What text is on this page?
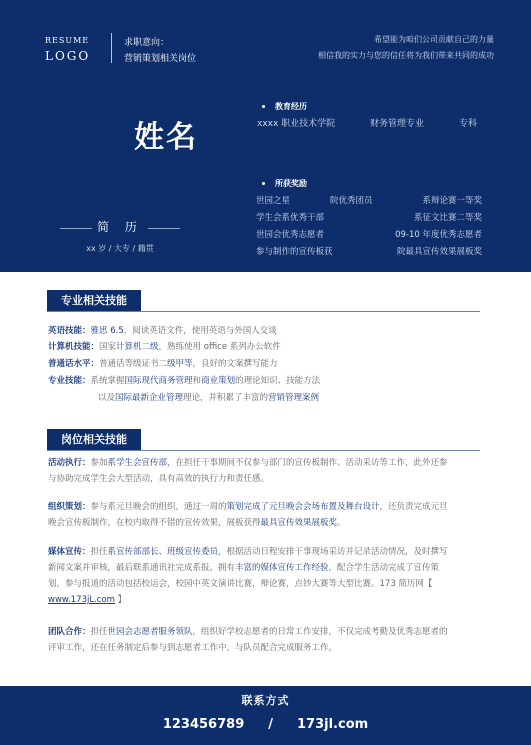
RESUME
LOGO
求职意向：
营销策划相关岗位
希望能为咱们公司贡献自己的力量
相信我的实力与您的信任将为我们带来共同的成功
姓名
简 历
xx 岁 / 大专 / 籍贯
教育经历
xxxx 职业技术学院	财务管理专业	专科
所获奖励
世园之星	院优秀团员	系辩论赛一等奖
学生会系优秀干部	系征文比赛二等奖
世园会优秀志愿者	09-10 年度优秀志愿者
参与制作的宣传板获	院最具宣传效果展板奖
专业相关技能
英语技能：雅思 6.5，阅读英语文件，使用英语与外国人交谈
计算机技能：国家计算机二级，熟练使用 office 系列办公软件
普通话水平：普通话等级证书二级甲等，良好的文案撰写能力
专业技能：系统掌握国际现代商务管理和商业策划的理论知识、技能方法
以及国际最新企业管理理论，并积累了丰富的营销管理案例
岗位相关技能
活动执行：参加系学生会宣传部，在担任干事期间不仅参与部门的宣传板制作、活动采访等工作，此外还参与协助完成学生会大型活动，具有高效的执行力和责任感。
组织策划：参与系元旦晚会的组织，通过一周的策划完成了元旦晚会会场布置及舞台设计，还负责完成元旦晚会宣传板制作，在校内取得不错的宣传效果，展板获得最具宣传效果展板奖。
媒体宣传：担任系宣传部部长、班级宣传委员，根据活动日程安排干事现场采访并记录活动情况，及时撰写新闻文案并审核，最后联系通讯社完成系报。拥有丰富的媒体宣传工作经验，配合学生活动完成了宣传策划，参与报道的活动包括校运会，校园中英文演讲比赛，辩论赛，点钞大赛等大型比赛。173 简历网【 www.173jL.com 】
团队合作：担任世园会志愿者服务领队，组织好学校志愿者的日常工作安排，不仅完成考勤及优秀志愿者的评审工作，还在任务制定后参与到志愿者工作中，与队员配合完成服务工作。
联系方式
123456789 / 173jl.com
